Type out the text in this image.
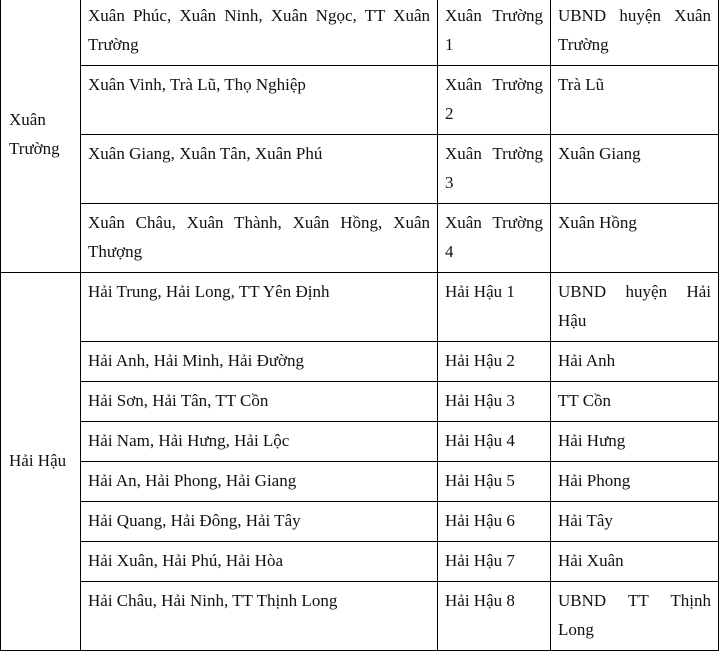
Xuân Trường	Xuân Phúc, Xuân Ninh, Xuân Ngọc, TT Xuân Trường	Xuân Trường 1	UBND huyện Xuân Trường
	Xuân Vinh, Trà Lũ, Thọ Nghiệp	Xuân Trường 2	Trà Lũ
	Xuân Giang, Xuân Tân, Xuân Phú	Xuân Trường 3	Xuân Giang
	Xuân Châu, Xuân Thành, Xuân Hồng, Xuân Thượng	Xuân Trường 4	Xuân Hồng
Hải Hậu	Hải Trung, Hải Long, TT Yên Định	Hải Hậu 1	UBND huyện Hải Hậu
	Hải Anh, Hải Minh, Hải Đường	Hải Hậu 2	Hải Anh
	Hải Sơn, Hải Tân, TT Cồn	Hải Hậu 3	TT Cồn
	Hải Nam, Hải Hưng, Hải Lộc	Hải Hậu 4	Hải Hưng
	Hải An, Hải Phong, Hải Giang	Hải Hậu 5	Hải Phong
	Hải Quang, Hải Đông, Hải Tây	Hải Hậu 6	Hải Tây
	Hải Xuân, Hải Phú, Hải Hòa	Hải Hậu 7	Hải Xuân
	Hải Châu, Hải Ninh, TT Thịnh Long	Hải Hậu 8	UBND TT Thịnh Long
